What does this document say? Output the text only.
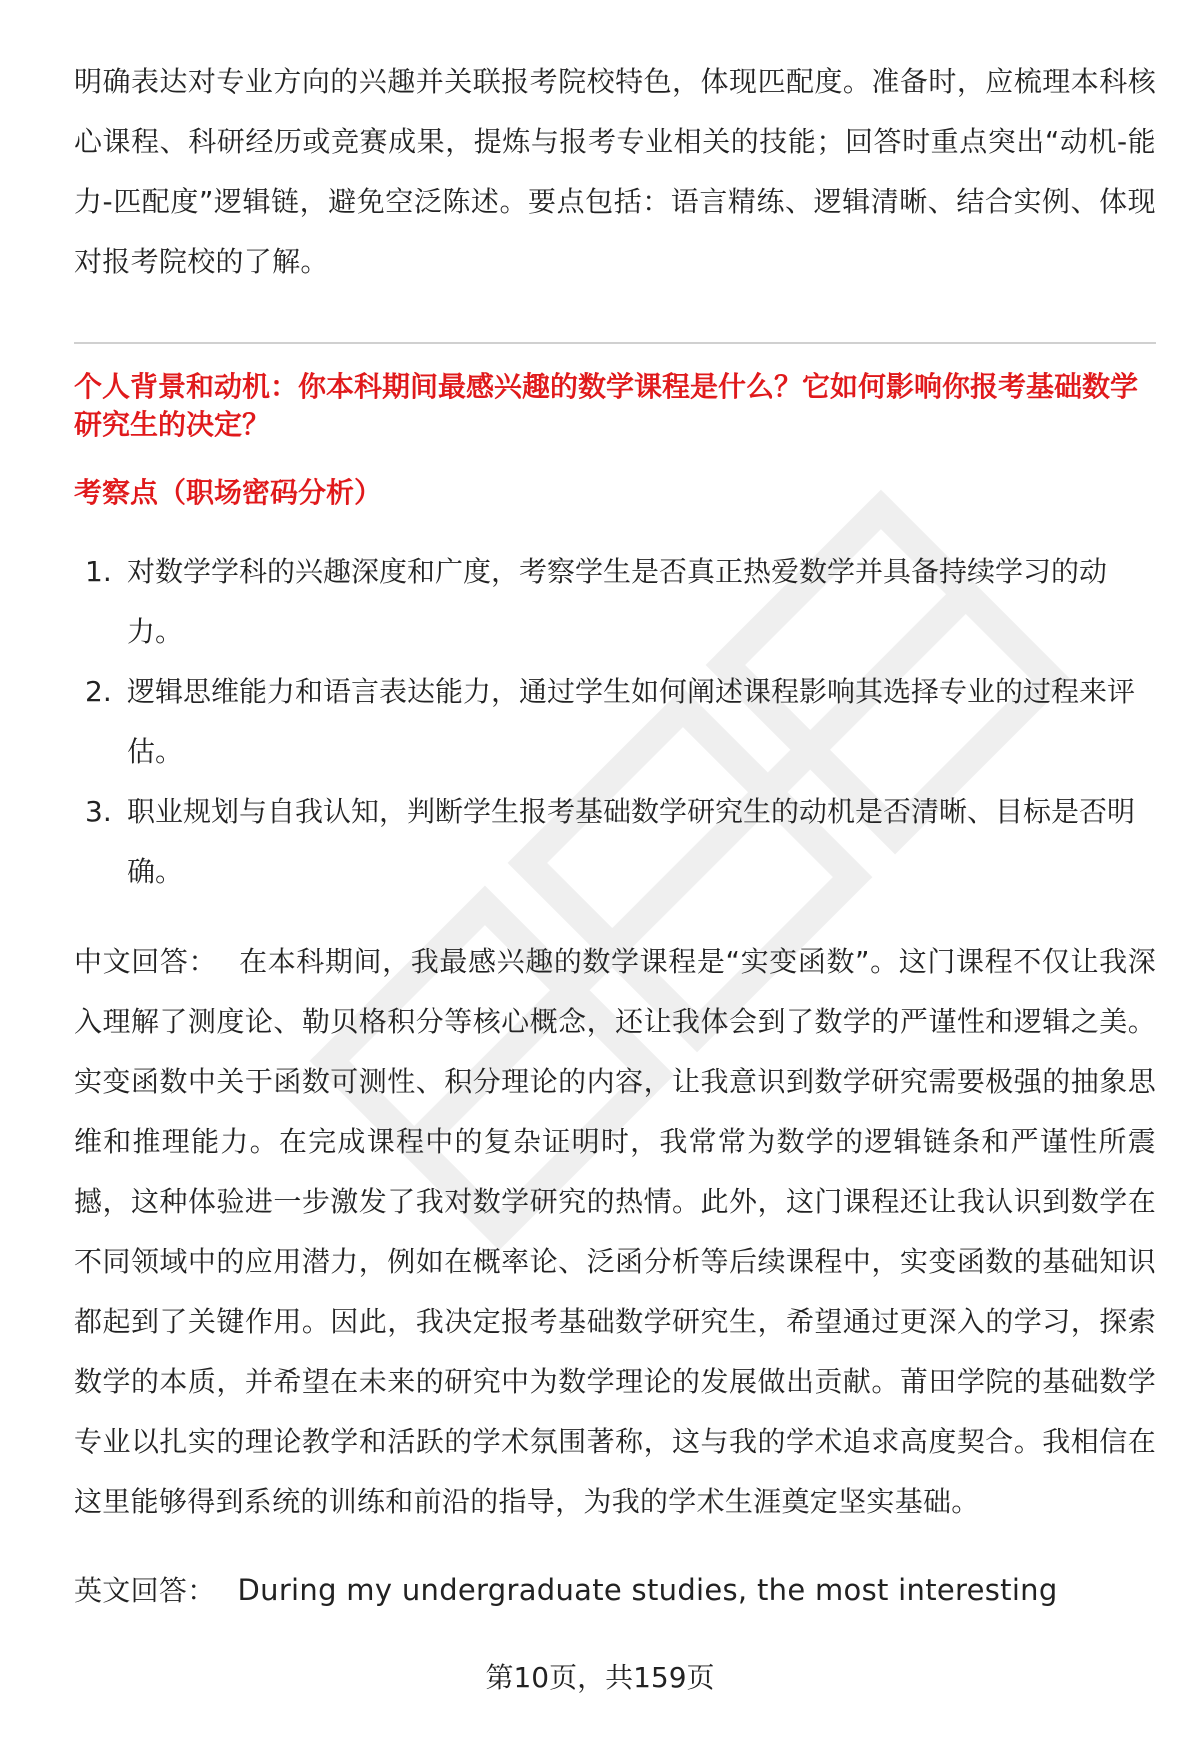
明确表达对专业方向的兴趣并关联报考院校特色，体现匹配度。准备时，应梳理本科核心课程、科研经历或竞赛成果，提炼与报考专业相关的技能；回答时重点突出“动机-能力-匹配度”逻辑链，避免空泛陈述。要点包括：语言精练、逻辑清晰、结合实例、体现对报考院校的了解。

个人背景和动机：你本科期间最感兴趣的数学课程是什么？它如何影响你报考基础数学研究生的决定？
考察点（职场密码分析）
1. 对数学学科的兴趣深度和广度，考察学生是否真正热爱数学并具备持续学习的动力。
2. 逻辑思维能力和语言表达能力，通过学生如何阐述课程影响其选择专业的过程来评估。
3. 职业规划与自我认知，判断学生报考基础数学研究生的动机是否清晰、目标是否明确。

中文回答： 在本科期间，我最感兴趣的数学课程是“实变函数”。这门课程不仅让我深入理解了测度论、勒贝格积分等核心概念，还让我体会到了数学的严谨性和逻辑之美。实变函数中关于函数可测性、积分理论的内容，让我意识到数学研究需要极强的抽象思维和推理能力。在完成课程中的复杂证明时，我常常为数学的逻辑链条和严谨性所震撼，这种体验进一步激发了我对数学研究的热情。此外，这门课程还让我认识到数学在不同领域中的应用潜力，例如在概率论、泛函分析等后续课程中，实变函数的基础知识都起到了关键作用。因此，我决定报考基础数学研究生，希望通过更深入的学习，探索数学的本质，并希望在未来的研究中为数学理论的发展做出贡献。莆田学院的基础数学专业以扎实的理论教学和活跃的学术氛围著称，这与我的学术追求高度契合。我相信在这里能够得到系统的训练和前沿的指导，为我的学术生涯奠定坚实基础。

英文回答： During my undergraduate studies, the most interesting

第10页，共159页
